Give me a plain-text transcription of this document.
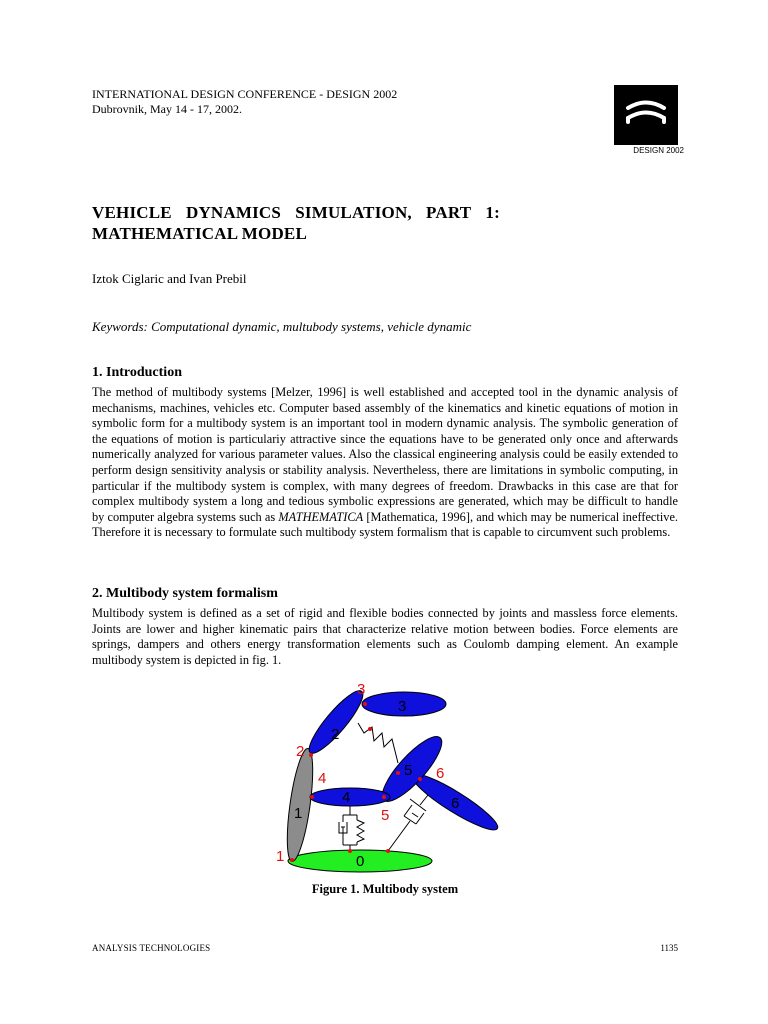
INTERNATIONAL DESIGN CONFERENCE - DESIGN 2002
Dubrovnik, May 14 - 17, 2002.
DESIGN 2002
VEHICLE DYNAMICS SIMULATION, PART 1:
MATHEMATICAL MODEL
Iztok Ciglaric and Ivan Prebil
Keywords: Computational dynamic, multubody systems, vehicle dynamic
1. Introduction
The method of multibody systems [Melzer, 1996] is well established and accepted tool in the dynamic analysis of mechanisms, machines, vehicles etc. Computer based assembly of the kinematics and kinetic equations of motion in symbolic form for a multibody system is an important tool in modern dynamic analysis. The symbolic generation of the equations of motion is particulariy attractive since the equations have to be generated only once and afterwards numerically analyzed for various parameter values. Also the classical engineering analysis could be easily extended to perform design sensitivity analysis or stability analysis. Nevertheless, there are limitations in symbolic computing, in particular if the multibody system is complex, with many degrees of freedom. Drawbacks in this case are that for complex multibody system a long and tedious symbolic expressions are generated, which may be difficult to handle by computer algebra systems such as MATHEMATICA [Mathematica, 1996], and which may be numerical ineffective. Therefore it is necessary to formulate such multibody system formalism that is capable to circumvent such problems.
2. Multibody system formalism
Multibody system is defined as a set of rigid and flexible bodies connected by joints and massless force elements. Joints are lower and higher kinematic pairs that characterize relative motion between bodies. Force elements are springs, dampers and others energy transformation elements such as Coulomb damping element. An example multibody system is depicted in fig. 1.
0
1
2
3
4
5
6
1
2
3
4
5
6
Figure 1. Multibody system
ANALYSIS TECHNOLOGIES	1135
